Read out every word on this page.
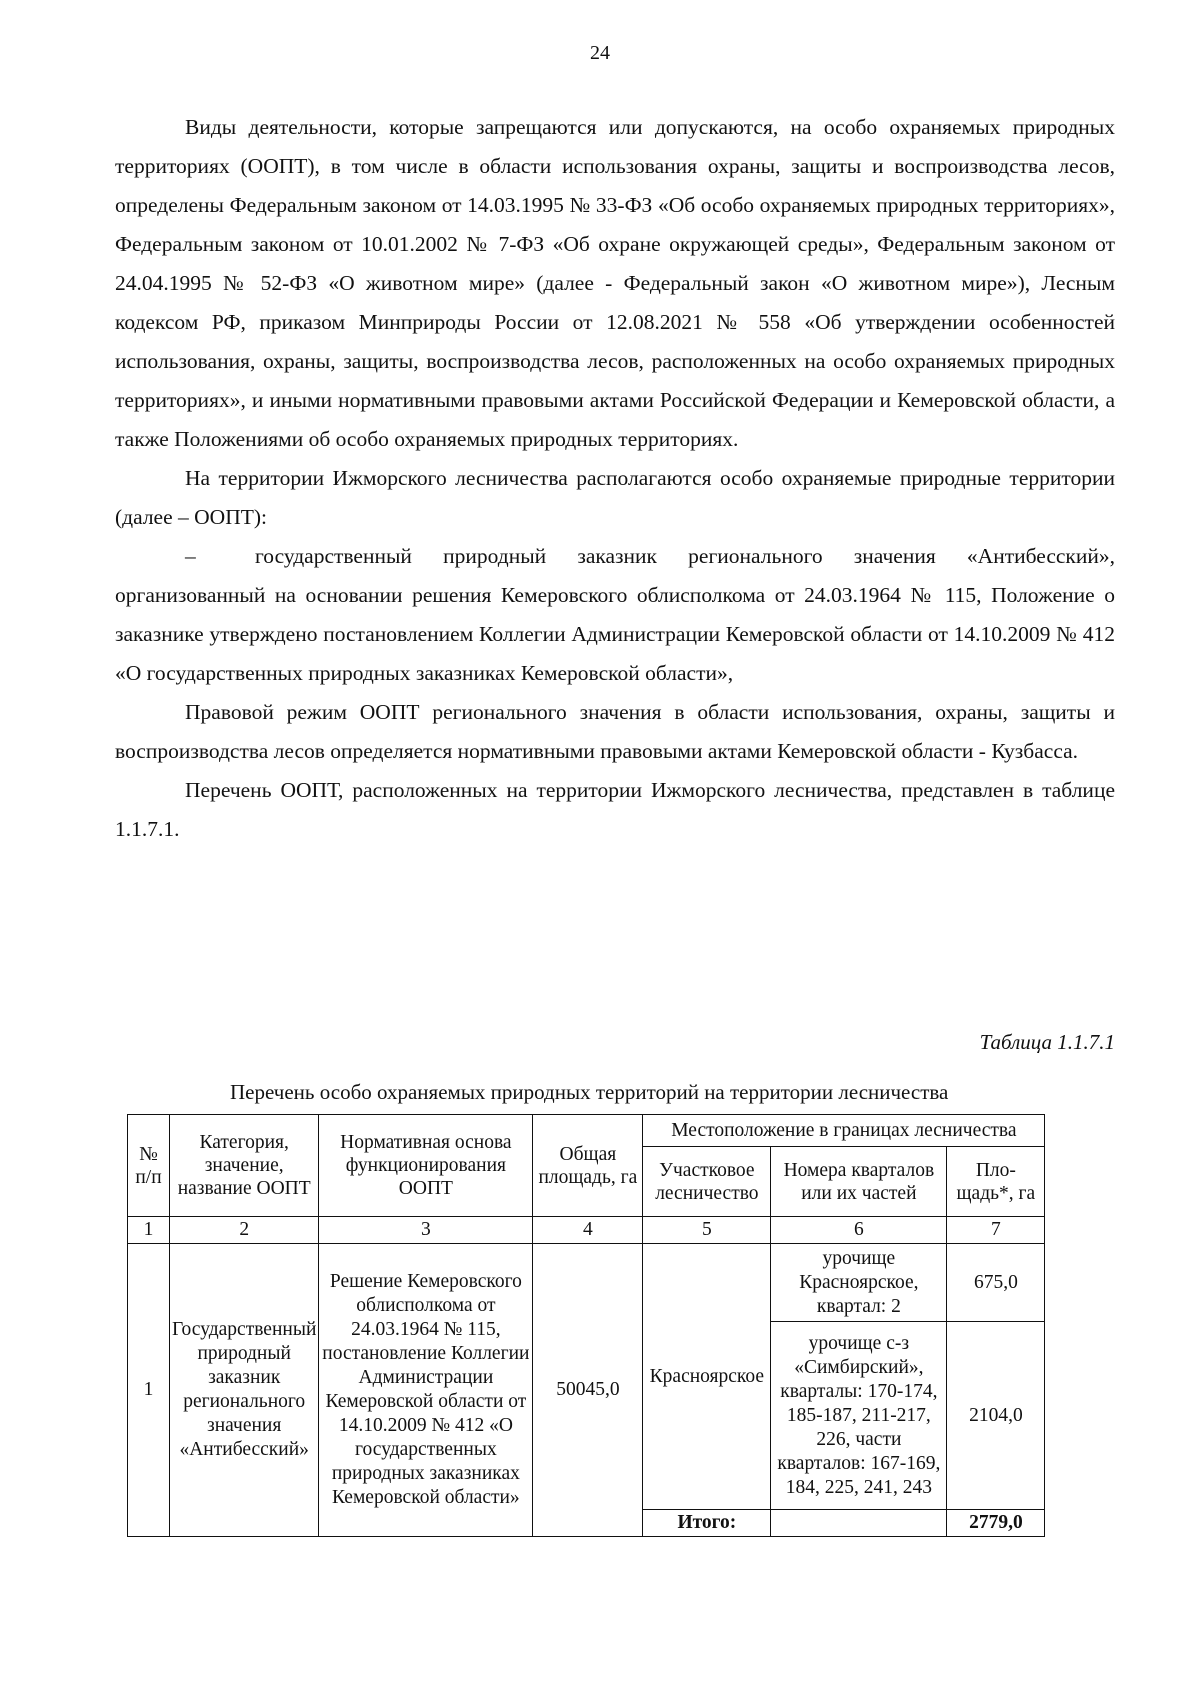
24

Виды деятельности, которые запрещаются или допускаются, на особо охраняемых природных территориях (ООПТ), в том числе в области использования охраны, защиты и воспроизводства лесов, определены Федеральным законом от 14.03.1995 № 33-ФЗ «Об особо охраняемых природных территориях», Федеральным законом от 10.01.2002 № 7-ФЗ «Об охране окружающей среды», Федеральным законом от 24.04.1995 № 52-ФЗ «О животном мире» (далее - Федеральный закон «О животном мире»), Лесным кодексом РФ, приказом Минприроды России от 12.08.2021 № 558 «Об утверждении особенностей использования, охраны, защиты, воспроизводства лесов, расположенных на особо охраняемых природных территориях», и иными нормативными правовыми актами Российской Федерации и Кемеровской области, а также Положениями об особо охраняемых природных территориях.

На территории Ижморского лесничества располагаются особо охраняемые природные территории (далее – ООПТ):

–	государственный природный заказник регионального значения «Антибесский», организованный на основании решения Кемеровского облисполкома от 24.03.1964 № 115, Положение о заказнике утверждено постановлением Коллегии Администрации Кемеровской области от 14.10.2009 № 412 «О государственных природных заказниках Кемеровской области»,

Правовой режим ООПТ регионального значения в области использования, охраны, защиты и воспроизводства лесов определяется нормативными правовыми актами Кемеровской области - Кузбасса.

Перечень ООПТ, расположенных на территории Ижморского лесничества, представлен в таблице 1.1.7.1.

Таблица 1.1.7.1
Перечень особо охраняемых природных территорий на территории лесничества
№ п/п	Категория, значение, название ООПТ	Нормативная основа функционирования ООПТ	Общая площадь, га	Местоположение в границах лесничества		
				Участковое лесничество	Номера кварталов или их частей	Пло-щадь*, га
1	2	3	4	5	6	7
1	Государственный природный заказник регионального значения «Антибесский»	Решение Кемеровского облисполкома от 24.03.1964 № 115, постановление Коллегии Администрации Кемеровской области от 14.10.2009 № 412 «О государственных природных заказниках Кемеровской области»	50045,0	Красноярское	урочище Красноярское, квартал: 2	675,0
					урочище с-з «Симбирский», кварталы: 170-174, 185-187, 211-217, 226, части кварталов: 167-169, 184, 225, 241, 243	2104,0
				Итого:		2779,0
